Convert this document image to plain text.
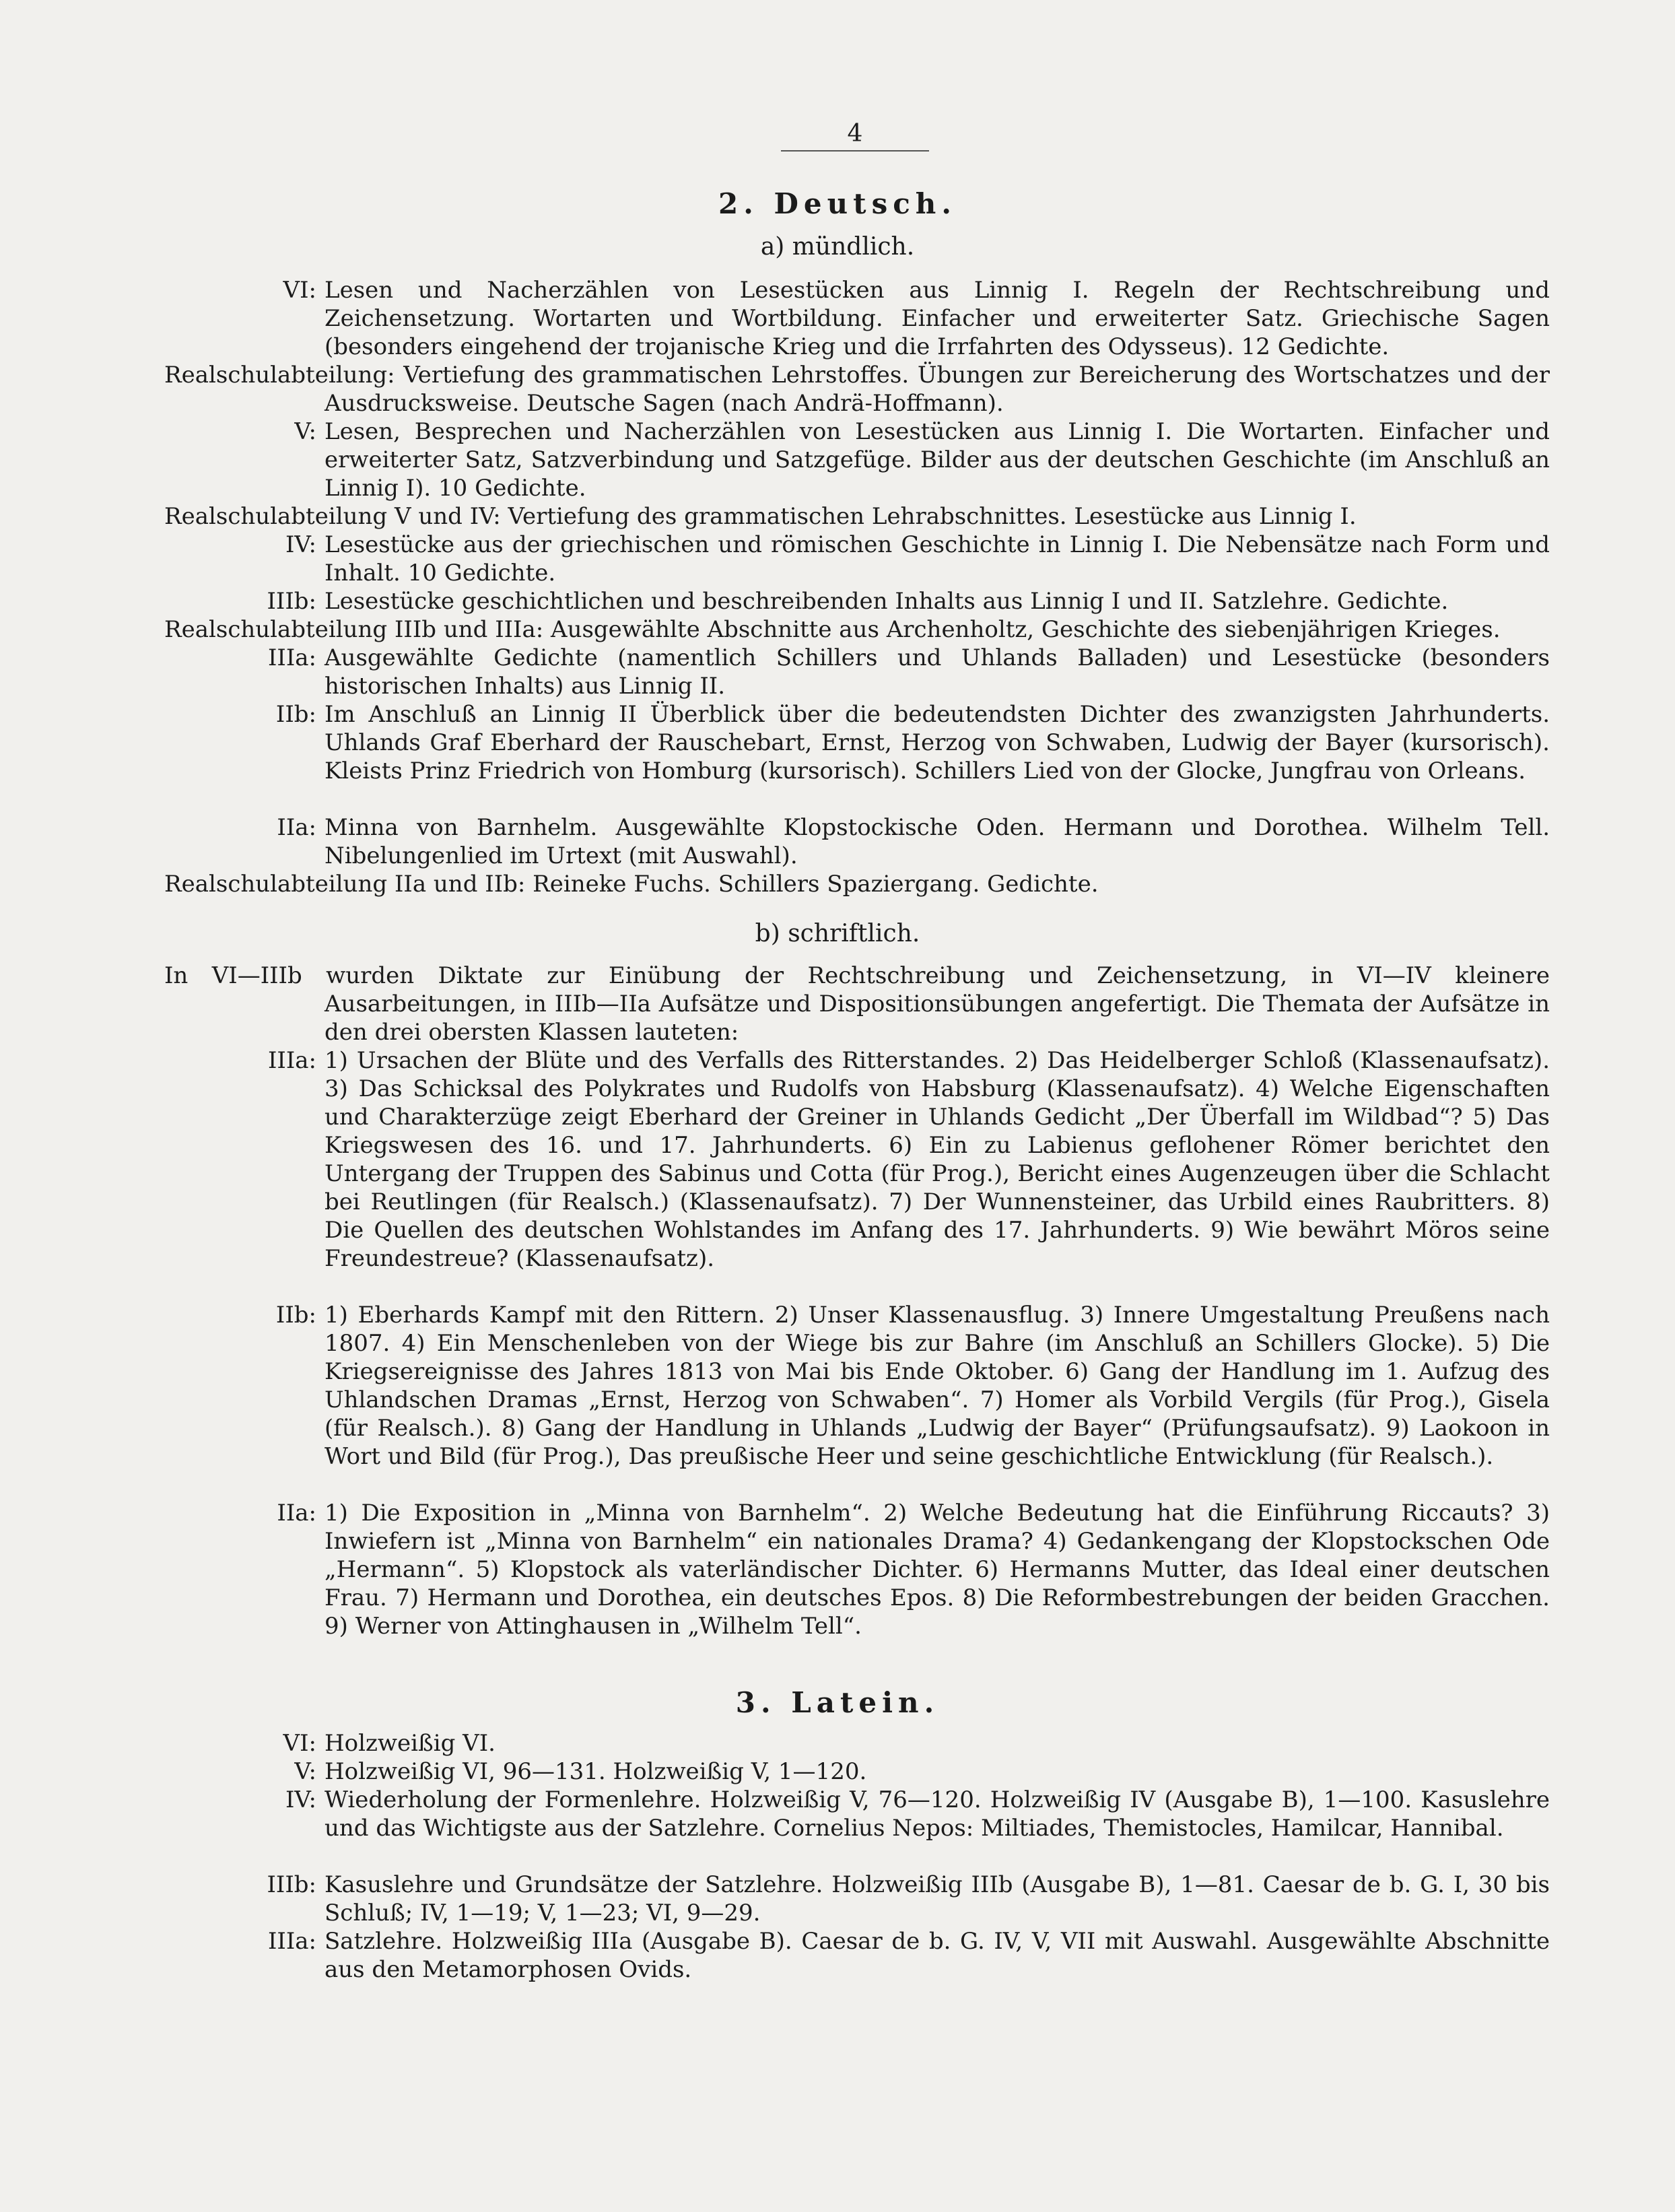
4
2. Deutsch.
a) mündlich.
VI: Lesen und Nacherzählen von Lesestücken aus Linnig I. Regeln der Rechtschreibung und Zeichensetzung. Wortarten und Wortbildung. Einfacher und erweiterter Satz. Griechische Sagen (besonders eingehend der trojanische Krieg und die Irrfahrten des Odysseus). 12 Gedichte.
Realschulabteilung: Vertiefung des grammatischen Lehrstoffes. Übungen zur Bereicherung des Wortschatzes und der Ausdrucksweise. Deutsche Sagen (nach Andrä-Hoffmann).
V: Lesen, Besprechen und Nacherzählen von Lesestücken aus Linnig I. Die Wortarten. Einfacher und erweiterter Satz, Satzverbindung und Satzgefüge. Bilder aus der deutschen Geschichte (im Anschluß an Linnig I). 10 Gedichte.
Realschulabteilung V und IV: Vertiefung des grammatischen Lehrabschnittes. Lesestücke aus Linnig I.
IV: Lesestücke aus der griechischen und römischen Geschichte in Linnig I. Die Nebensätze nach Form und Inhalt. 10 Gedichte.
IIIb: Lesestücke geschichtlichen und beschreibenden Inhalts aus Linnig I und II. Satzlehre. Gedichte.
Realschulabteilung IIIb und IIIa: Ausgewählte Abschnitte aus Archenholtz, Geschichte des siebenjährigen Krieges.
IIIa: Ausgewählte Gedichte (namentlich Schillers und Uhlands Balladen) und Lesestücke (besonders historischen Inhalts) aus Linnig II.
IIb: Im Anschluß an Linnig II Überblick über die bedeutendsten Dichter des zwanzigsten Jahrhunderts. Uhlands Graf Eberhard der Rauschebart, Ernst, Herzog von Schwaben, Ludwig der Bayer (kursorisch). Kleists Prinz Friedrich von Homburg (kursorisch). Schillers Lied von der Glocke, Jungfrau von Orleans.
IIa: Minna von Barnhelm. Ausgewählte Klopstockische Oden. Hermann und Dorothea. Wilhelm Tell. Nibelungenlied im Urtext (mit Auswahl).
Realschulabteilung IIa und IIb: Reineke Fuchs. Schillers Spaziergang. Gedichte.
b) schriftlich.
In VI—IIIb wurden Diktate zur Einübung der Rechtschreibung und Zeichensetzung, in VI—IV kleinere Ausarbeitungen, in IIIb—IIa Aufsätze und Dispositionsübungen angefertigt. Die Themata der Aufsätze in den drei obersten Klassen lauteten:
IIIa: 1) Ursachen der Blüte und des Verfalls des Ritterstandes. 2) Das Heidelberger Schloß (Klassenaufsatz). 3) Das Schicksal des Polykrates und Rudolfs von Habsburg (Klassenaufsatz). 4) Welche Eigenschaften und Charakterzüge zeigt Eberhard der Greiner in Uhlands Gedicht „Der Überfall im Wildbad“? 5) Das Kriegswesen des 16. und 17. Jahrhunderts. 6) Ein zu Labienus geflohener Römer berichtet den Untergang der Truppen des Sabinus und Cotta (für Prog.), Bericht eines Augenzeugen über die Schlacht bei Reutlingen (für Realsch.) (Klassenaufsatz). 7) Der Wunnensteiner, das Urbild eines Raubritters. 8) Die Quellen des deutschen Wohlstandes im Anfang des 17. Jahrhunderts. 9) Wie bewährt Möros seine Freundestreue? (Klassenaufsatz).
IIb: 1) Eberhards Kampf mit den Rittern. 2) Unser Klassenausflug. 3) Innere Umgestaltung Preußens nach 1807. 4) Ein Menschenleben von der Wiege bis zur Bahre (im Anschluß an Schillers Glocke). 5) Die Kriegsereignisse des Jahres 1813 von Mai bis Ende Oktober. 6) Gang der Handlung im 1. Aufzug des Uhlandschen Dramas „Ernst, Herzog von Schwaben“. 7) Homer als Vorbild Vergils (für Prog.), Gisela (für Realsch.). 8) Gang der Handlung in Uhlands „Ludwig der Bayer“ (Prüfungsaufsatz). 9) Laokoon in Wort und Bild (für Prog.), Das preußische Heer und seine geschichtliche Entwicklung (für Realsch.).
IIa: 1) Die Exposition in „Minna von Barnhelm“. 2) Welche Bedeutung hat die Einführung Riccauts? 3) Inwiefern ist „Minna von Barnhelm“ ein nationales Drama? 4) Gedankengang der Klopstockschen Ode „Hermann“. 5) Klopstock als vaterländischer Dichter. 6) Hermanns Mutter, das Ideal einer deutschen Frau. 7) Hermann und Dorothea, ein deutsches Epos. 8) Die Reformbestrebungen der beiden Gracchen. 9) Werner von Attinghausen in „Wilhelm Tell“.
3. Latein.
VI: Holzweißig VI.
V: Holzweißig VI, 96—131. Holzweißig V, 1—120.
IV: Wiederholung der Formenlehre. Holzweißig V, 76—120. Holzweißig IV (Ausgabe B), 1—100. Kasuslehre und das Wichtigste aus der Satzlehre. Cornelius Nepos: Miltiades, Themistocles, Hamilcar, Hannibal.
IIIb: Kasuslehre und Grundsätze der Satzlehre. Holzweißig IIIb (Ausgabe B), 1—81. Caesar de b. G. I, 30 bis Schluß; IV, 1—19; V, 1—23; VI, 9—29.
IIIa: Satzlehre. Holzweißig IIIa (Ausgabe B). Caesar de b. G. IV, V, VII mit Auswahl. Ausgewählte Abschnitte aus den Metamorphosen Ovids.
